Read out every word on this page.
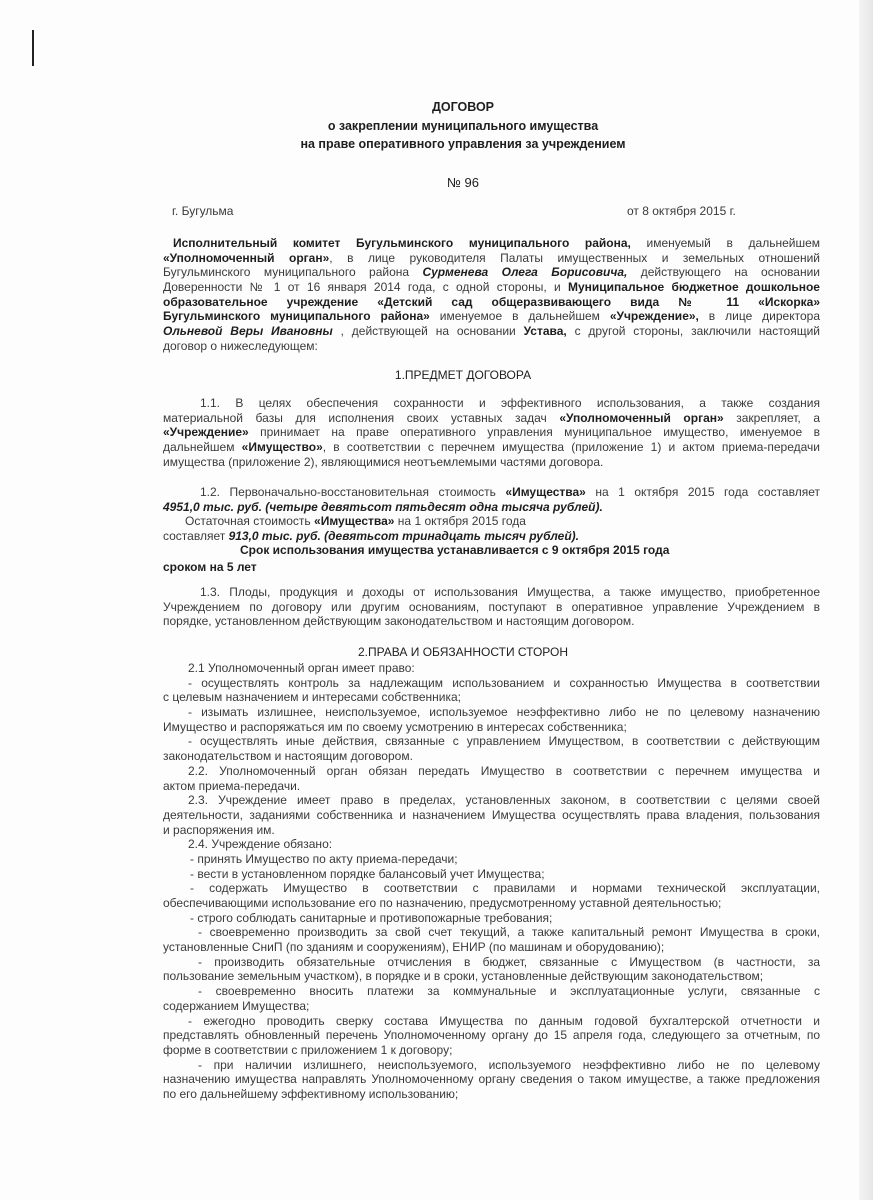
ДОГОВОР
о закреплении муниципального имущества
на праве оперативного управления за учреждением
№ 96
г. Бугульма	от 8 октября 2015 г.
Исполнительный комитет Бугульминского муниципального района, именуемый в дальнейшем
«Уполномоченный орган», в лице руководителя Палаты имущественных и земельных отношений
Бугульминского муниципального района Сурменева Олега Борисовича, действующего на основании
Доверенности № 1 от 16 января 2014 года, с одной стороны, и Муниципальное бюджетное дошкольное
образовательное учреждение «Детский сад общеразвивающего вида № 11 «Искорка»
Бугульминского муниципального района» именуемое в дальнейшем «Учреждение», в лице директора
Ольневой Веры Ивановны , действующей на основании Устава, с другой стороны, заключили настоящий
договор о нижеследующем:
1.ПРЕДМЕТ ДОГОВОРА
1.1. В целях обеспечения сохранности и эффективного использования, а также создания
материальной базы для исполнения своих уставных задач «Уполномоченный орган» закрепляет, а
«Учреждение» принимает на праве оперативного управления муниципальное имущество, именуемое в
дальнейшем «Имущество», в соответствии с перечнем имущества (приложение 1) и актом приема-передачи
имущества (приложение 2), являющимися неотъемлемыми частями договора.
1.2. Первоначально-восстановительная стоимость «Имущества» на 1 октября 2015 года составляет
4951,0 тыс. руб. (четыре девятьсот пятьдесят одна тысяча рублей).
Остаточная стоимость «Имущества» на 1 октября 2015 года
составляет 913,0 тыс. руб. (девятьсот тринадцать тысяч рублей).
Срок использования имущества устанавливается с 9 октября 2015 года
сроком на 5 лет
1.3. Плоды, продукция и доходы от использования Имущества, а также имущество, приобретенное
Учреждением по договору или другим основаниям, поступают в оперативное управление Учреждением в
порядке, установленном действующим законодательством и настоящим договором.
2.ПРАВА И ОБЯЗАННОСТИ СТОРОН
2.1 Уполномоченный орган имеет право:
- осуществлять контроль за надлежащим использованием и сохранностью Имущества в соответствии
с целевым назначением и интересами собственника;
- изымать излишнее, неиспользуемое, используемое неэффективно либо не по целевому назначению
Имущество и распоряжаться им по своему усмотрению в интересах собственника;
- осуществлять иные действия, связанные с управлением Имуществом, в соответствии с действующим
законодательством и настоящим договором.
2.2. Уполномоченный орган обязан передать Имущество в соответствии с перечнем имущества и
актом приема-передачи.
2.3. Учреждение имеет право в пределах, установленных законом, в соответствии с целями своей
деятельности, заданиями собственника и назначением Имущества осуществлять права владения, пользования
и распоряжения им.
2.4. Учреждение обязано:
- принять Имущество по акту приема-передачи;
- вести в установленном порядке балансовый учет Имущества;
- содержать Имущество в соответствии с правилами и нормами технической эксплуатации,
обеспечивающими использование его по назначению, предусмотренному уставной деятельностью;
- строго соблюдать санитарные и противопожарные требования;
- своевременно производить за свой счет текущий, а также капитальный ремонт Имущества в сроки,
установленные СниП (по зданиям и сооружениям), ЕНИР (по машинам и оборудованию);
- производить обязательные отчисления в бюджет, связанные с Имуществом (в частности, за
пользование земельным участком), в порядке и в сроки, установленные действующим законодательством;
- своевременно вносить платежи за коммунальные и эксплуатационные услуги, связанные с
содержанием Имущества;
- ежегодно проводить сверку состава Имущества по данным годовой бухгалтерской отчетности и
представлять обновленный перечень Уполномоченному органу до 15 апреля года, следующего за отчетным, по
форме в соответствии с приложением 1 к договору;
- при наличии излишнего, неиспользуемого, используемого неэффективно либо не по целевому
назначению имущества направлять Уполномоченному органу сведения о таком имуществе, а также предложения
по его дальнейшему эффективному использованию;
